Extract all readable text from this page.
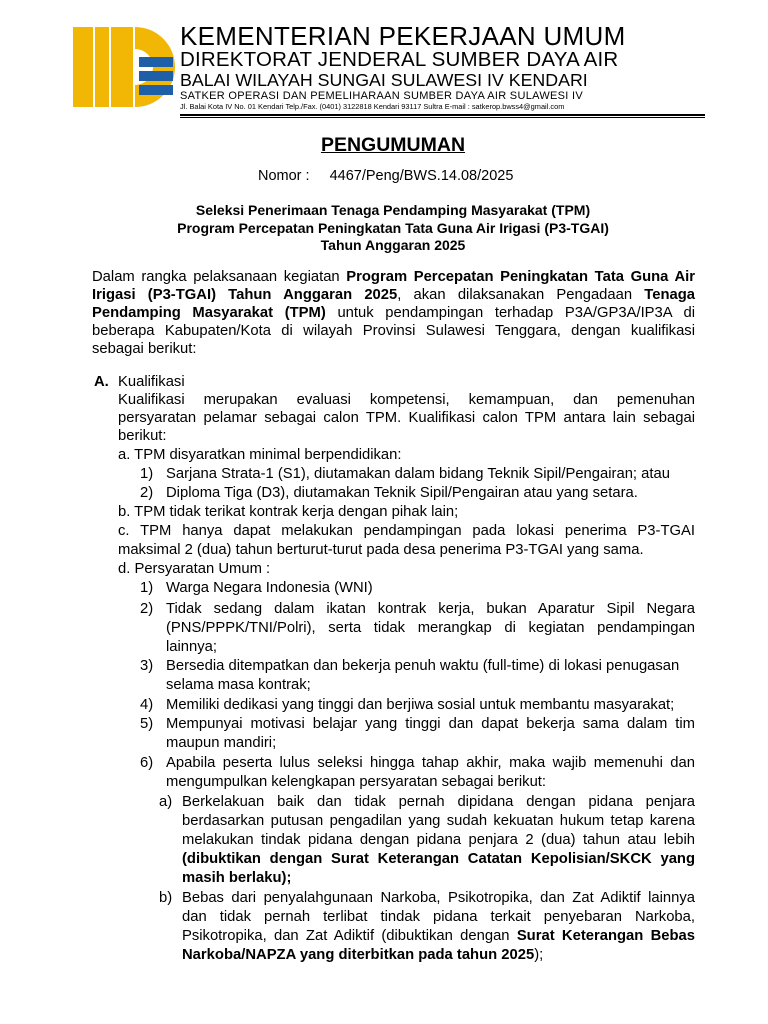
KEMENTERIAN PEKERJAAN UMUM
DIREKTORAT JENDERAL SUMBER DAYA AIR
BALAI WILAYAH SUNGAI SULAWESI IV KENDARI
SATKER OPERASI DAN PEMELIHARAAN SUMBER DAYA AIR SULAWESI IV
Jl. Balai Kota IV No. 01 Kendari Telp./Fax. (0401) 3122818 Kendari 93117 Sultra E-mail : satkerop.bwss4@gmail.com
PENGUMUMAN
Nomor : 4467/Peng/BWS.14.08/2025
Seleksi Penerimaan Tenaga Pendamping Masyarakat (TPM)
Program Percepatan Peningkatan Tata Guna Air Irigasi (P3-TGAI)
Tahun Anggaran 2025
Dalam rangka pelaksanaan kegiatan Program Percepatan Peningkatan Tata Guna Air
Irigasi (P3-TGAI) Tahun Anggaran 2025, akan dilaksanakan Pengadaan Tenaga
Pendamping Masyarakat (TPM) untuk pendampingan terhadap P3A/GP3A/IP3A di
beberapa Kabupaten/Kota di wilayah Provinsi Sulawesi Tenggara, dengan kualifikasi
sebagai berikut:
A. Kualifikasi
Kualifikasi merupakan evaluasi kompetensi, kemampuan, dan pemenuhan
persyaratan pelamar sebagai calon TPM. Kualifikasi calon TPM antara lain sebagai
berikut:
a. TPM disyaratkan minimal berpendidikan:
1) Sarjana Strata-1 (S1), diutamakan dalam bidang Teknik Sipil/Pengairan; atau
2) Diploma Tiga (D3), diutamakan Teknik Sipil/Pengairan atau yang setara.
b. TPM tidak terikat kontrak kerja dengan pihak lain;
c. TPM hanya dapat melakukan pendampingan pada lokasi penerima P3-TGAI
maksimal 2 (dua) tahun berturut-turut pada desa penerima P3-TGAI yang sama.
d. Persyaratan Umum :
1) Warga Negara Indonesia (WNI)
2) Tidak sedang dalam ikatan kontrak kerja, bukan Aparatur Sipil Negara
(PNS/PPPK/TNI/Polri), serta tidak merangkap di kegiatan pendampingan
lainnya;
3) Bersedia ditempatkan dan bekerja penuh waktu (full-time) di lokasi penugasan
selama masa kontrak;
4) Memiliki dedikasi yang tinggi dan berjiwa sosial untuk membantu masyarakat;
5) Mempunyai motivasi belajar yang tinggi dan dapat bekerja sama dalam tim
maupun mandiri;
6) Apabila peserta lulus seleksi hingga tahap akhir, maka wajib memenuhi dan
mengumpulkan kelengkapan persyaratan sebagai berikut:
a) Berkelakuan baik dan tidak pernah dipidana dengan pidana penjara
berdasarkan putusan pengadilan yang sudah kekuatan hukum tetap karena
melakukan tindak pidana dengan pidana penjara 2 (dua) tahun atau lebih
(dibuktikan dengan Surat Keterangan Catatan Kepolisian/SKCK yang
masih berlaku);
b) Bebas dari penyalahgunaan Narkoba, Psikotropika, dan Zat Adiktif lainnya
dan tidak pernah terlibat tindak pidana terkait penyebaran Narkoba,
Psikotropika, dan Zat Adiktif (dibuktikan dengan Surat Keterangan Bebas
Narkoba/NAPZA yang diterbitkan pada tahun 2025);
